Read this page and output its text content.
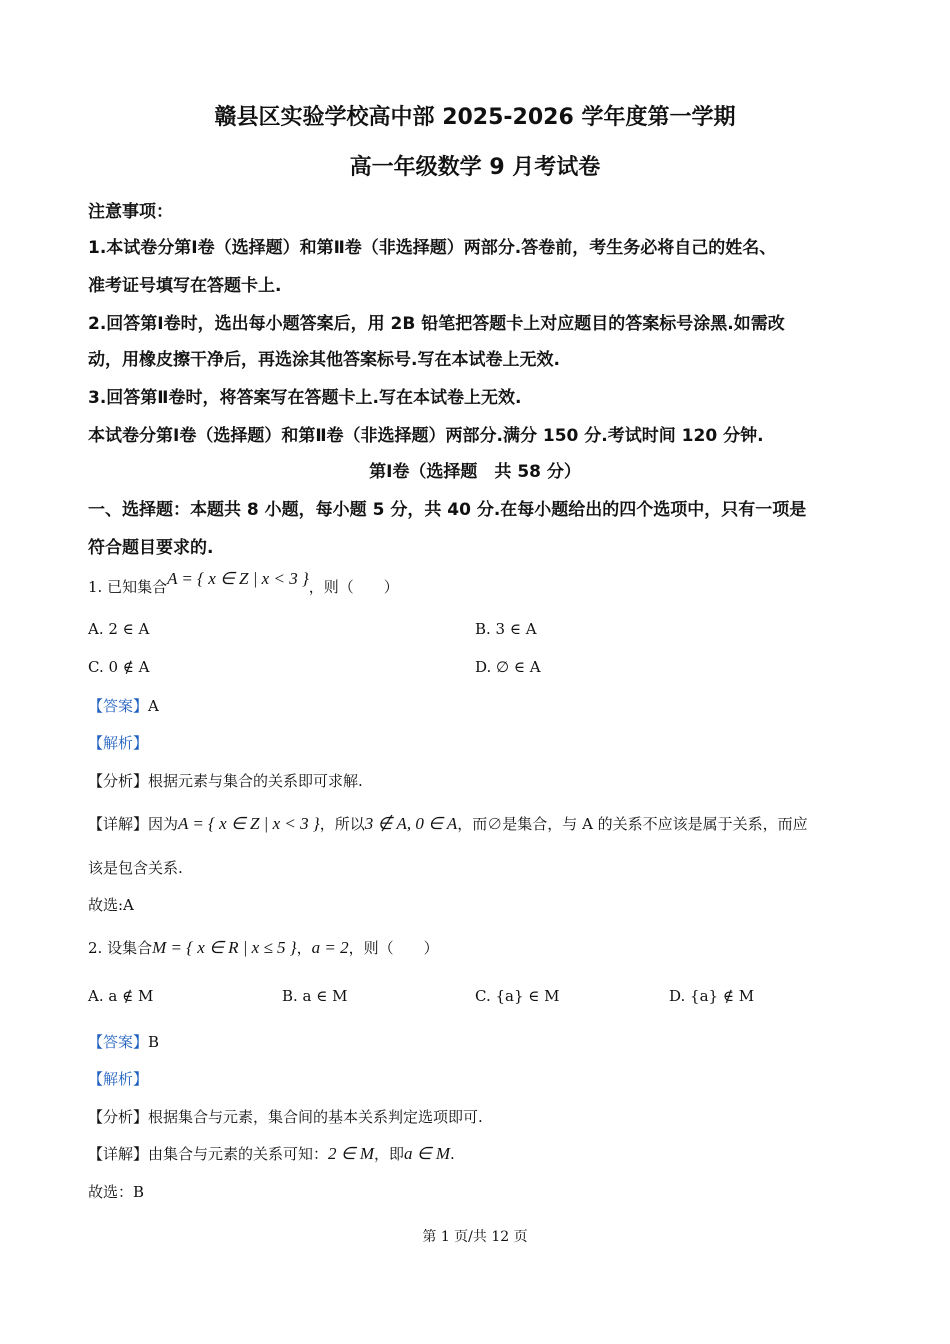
赣县区实验学校高中部 2025-2026 学年度第一学期
高一年级数学 9 月考试卷
注意事项：
1.本试卷分第Ⅰ卷（选择题）和第Ⅱ卷（非选择题）两部分.答卷前，考生务必将自己的姓名、
准考证号填写在答题卡上.
2.回答第Ⅰ卷时，选出每小题答案后，用 2B 铅笔把答题卡上对应题目的答案标号涂黑.如需改
动，用橡皮擦干净后，再选涂其他答案标号.写在本试卷上无效.
3.回答第Ⅱ卷时，将答案写在答题卡上.写在本试卷上无效.
本试卷分第Ⅰ卷（选择题）和第Ⅱ卷（非选择题）两部分.满分 150 分.考试时间 120 分钟.
第Ⅰ卷（选择题　共 58 分）
一、选择题：本题共 8 小题，每小题 5 分，共 40 分.在每小题给出的四个选项中，只有一项是
符合题目要求的.
1. 已知集合A = { x ∈ Z | x < 3 }，则（　　）
A. 2 ∈ A	B. 3 ∈ A
C. 0 ∉ A	D. ∅ ∈ A
【答案】A
【解析】
【分析】根据元素与集合的关系即可求解.
【详解】因为A = { x ∈ Z | x < 3 }，所以3 ∉ A, 0 ∈ A，而∅是集合，与 A 的关系不应该是属于关系，而应
该是包含关系.
故选:A
2. 设集合M = { x ∈ R | x ≤ 5 }，a = 2，则（　　）
A. a ∉ M	B. a ∈ M	C. {a} ∈ M	D. {a} ∉ M
【答案】B
【解析】
【分析】根据集合与元素，集合间的基本关系判定选项即可.
【详解】由集合与元素的关系可知：2 ∈ M，即a ∈ M.
故选：B
第 1 页/共 12 页
